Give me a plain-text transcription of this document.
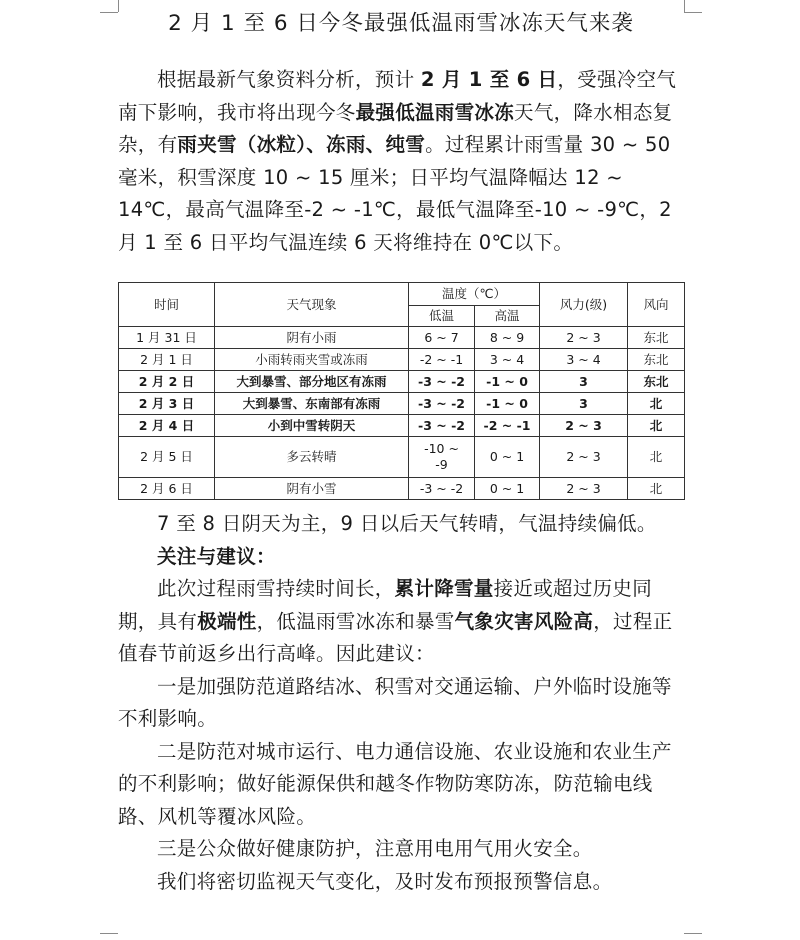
2 月 1 至 6 日今冬最强低温雨雪冰冻天气来袭

根据最新气象资料分析，预计 2 月 1 至 6 日，受强冷空气南下影响，我市将出现今冬最强低温雨雪冰冻天气，降水相态复杂，有雨夹雪（冰粒）、冻雨、纯雪。过程累计雨雪量 30 ~ 50 毫米，积雪深度 10 ~ 15 厘米；日平均气温降幅达 12 ~ 14℃，最高气温降至-2 ~ -1℃，最低气温降至-10 ~ -9℃，2 月 1 至 6 日平均气温连续 6 天将维持在 0℃以下。

时间	天气现象	温度（℃）		风力(级)	风向
		低温	高温		
1 月 31 日	阴有小雨	6 ~ 7	8 ~ 9	2 ~ 3	东北
2 月 1 日	小雨转雨夹雪或冻雨	-2 ~ -1	3 ~ 4	3 ~ 4	东北
2 月 2 日	大到暴雪、部分地区有冻雨	-3 ~ -2	-1 ~ 0	3	东北
2 月 3 日	大到暴雪、东南部有冻雨	-3 ~ -2	-1 ~ 0	3	北
2 月 4 日	小到中雪转阴天	-3 ~ -2	-2 ~ -1	2 ~ 3	北
2 月 5 日	多云转晴	-10 ~ -9	0 ~ 1	2 ~ 3	北
2 月 6 日	阴有小雪	-3 ~ -2	0 ~ 1	2 ~ 3	北

7 至 8 日阴天为主，9 日以后天气转晴，气温持续偏低。

关注与建议：

此次过程雨雪持续时间长，累计降雪量接近或超过历史同期，具有极端性，低温雨雪冰冻和暴雪气象灾害风险高，过程正值春节前返乡出行高峰。因此建议：

一是加强防范道路结冰、积雪对交通运输、户外临时设施等不利影响。

二是防范对城市运行、电力通信设施、农业设施和农业生产的不利影响；做好能源保供和越冬作物防寒防冻，防范输电线路、风机等覆冰风险。

三是公众做好健康防护，注意用电用气用火安全。

我们将密切监视天气变化，及时发布预报预警信息。
